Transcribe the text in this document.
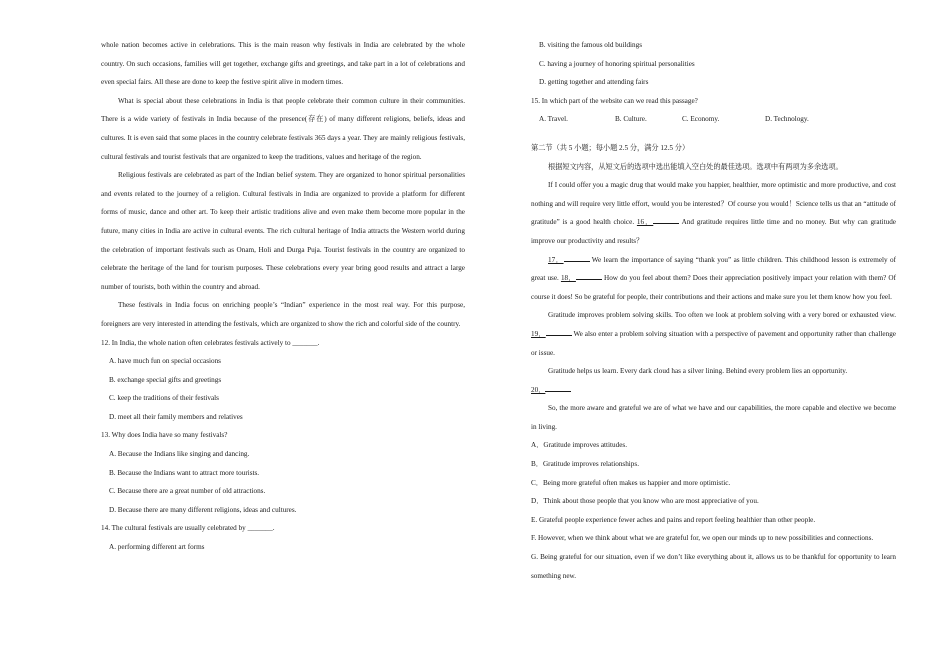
whole nation becomes active in celebrations. This is the main reason why festivals in India are celebrated by the whole country. On such occasions, families will get together, exchange gifts and greetings, and take part in a lot of celebrations and even special fairs. All these are done to keep the festive spirit alive in modern times.

What is special about these celebrations in India is that people celebrate their common culture in their communities. There is a wide variety of festivals in India because of the presence(存在) of many different religions, beliefs, ideas and cultures. It is even said that some places in the country celebrate festivals 365 days a year. They are mainly religious festivals, cultural festivals and tourist festivals that are organized to keep the traditions, values and heritage of the region.

Religious festivals are celebrated as part of the Indian belief system. They are organized to honor spiritual personalities and events related to the journey of a religion. Cultural festivals in India are organized to provide a platform for different forms of music, dance and other art. To keep their artistic traditions alive and even make them become more popular in the future, many cities in India are active in cultural events. The rich cultural heritage of India attracts the Western world during the celebration of important festivals such as Onam, Holi and Durga Puja. Tourist festivals in the country are organized to celebrate the heritage of the land for tourism purposes. These celebrations every year bring good results and attract a large number of tourists, both within the country and abroad.

These festivals in India focus on enriching people’s “Indian” experience in the most real way. For this purpose, foreigners are very interested in attending the festivals, which are organized to show the rich and colorful side of the country.

12. In India, the whole nation often celebrates festivals actively to _______.

A. have much fun on special occasions

B. exchange special gifts and greetings

C. keep the traditions of their festivals

D. meet all their family members and relatives

13. Why does India have so many festivals?

A. Because the Indians like singing and dancing.

B. Because the Indians want to attract more tourists.

C. Because there are a great number of old attractions.

D. Because there are many different religions, ideas and cultures.

14. The cultural festivals are usually celebrated by _______.

A. performing different art forms

B. visiting the famous old buildings

C. having a journey of honoring spiritual personalities

D. getting together and attending fairs

15. In which part of the website can we read this passage?

A. Travel.	B. Culture.	C. Economy.	D. Technology.

第二节（共 5 小题；每小题 2.5 分，满分 12.5 分）

根据短文内容，从短文后的选项中选出能填入空白处的最佳选项。选项中有两项为多余选项。

If I could offer you a magic drug that would make you happier, healthier, more optimistic and more productive, and cost nothing and will require very little effort, would you be interested？Of course you would！Science tells us that an “attitude of gratitude” is a good health choice. 16．	And gratitude requires little time and no money. But why can gratitude improve our productivity and results？

17．	We learn the importance of saying “thank you” as little children. This childhood lesson is extremely of great use. 18．	How do you feel about them? Does their appreciation positively impact your relation with them? Of course it does! So be grateful for people, their contributions and their actions and make sure you let them know how you feel.

Gratitude improves problem solving skills. Too often we look at problem solving with a very bored or exhausted view. 19．	We also enter a problem solving situation with a perspective of pavement and opportunity rather than challenge or issue.

Gratitude helps us learn. Every dark cloud has a silver lining. Behind every problem lies an opportunity.

20．

So, the more aware and grateful we are of what we have and our capabilities, the more capable and elective we become in living.

A．Gratitude improves attitudes.

B．Gratitude improves relationships.

C．Being more grateful often makes us happier and more optimistic.

D．Think about those people that you know who are most appreciative of you.

E. Grateful people experience fewer aches and pains and report feeling healthier than other people.

F. However, when we think about what we are grateful for, we open our minds up to new possibilities and connections.

G. Being grateful for our situation, even if we don’t like everything about it, allows us to be thankful for opportunity to learn something new.
